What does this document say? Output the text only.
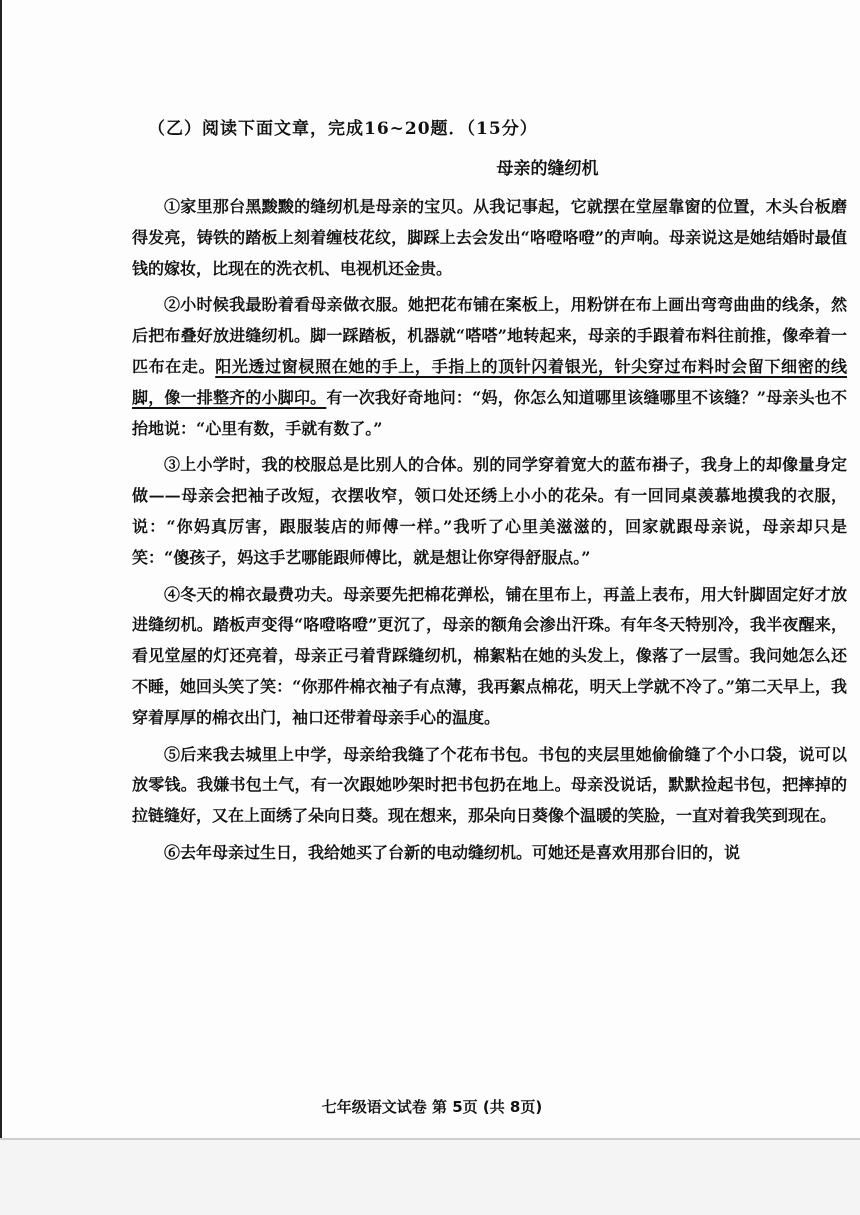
（乙）阅读下面文章，完成16~20题．（15分）
母亲的缝纫机

①家里那台黑黢黢的缝纫机是母亲的宝贝。从我记事起，它就摆在堂屋靠窗的位置，木头台板磨得发亮，铸铁的踏板上刻着缠枝花纹，脚踩上去会发出“咯噔咯噔”的声响。母亲说这是她结婚时最值钱的嫁妆，比现在的洗衣机、电视机还金贵。

②小时候我最盼着看母亲做衣服。她把花布铺在案板上，用粉饼在布上画出弯弯曲曲的线条，然后把布叠好放进缝纫机。脚一踩踏板，机器就“嗒嗒”地转起来，母亲的手跟着布料往前推，像牵着一匹布在走。阳光透过窗棂照在她的手上，手指上的顶针闪着银光，针尖穿过布料时会留下细密的线脚，像一排整齐的小脚印。有一次我好奇地问：“妈，你怎么知道哪里该缝哪里不该缝？”母亲头也不抬地说：“心里有数，手就有数了。”

③上小学时，我的校服总是比别人的合体。别的同学穿着宽大的蓝布褂子，我身上的却像量身定做——母亲会把袖子改短，衣摆收窄，领口处还绣上小小的花朵。有一回同桌羡慕地摸我的衣服，说：“你妈真厉害，跟服装店的师傅一样。”我听了心里美滋滋的，回家就跟母亲说，母亲却只是笑：“傻孩子，妈这手艺哪能跟师傅比，就是想让你穿得舒服点。”

④冬天的棉衣最费功夫。母亲要先把棉花弹松，铺在里布上，再盖上表布，用大针脚固定好才放进缝纫机。踏板声变得“咯噔咯噔”更沉了，母亲的额角会渗出汗珠。有年冬天特别冷，我半夜醒来，看见堂屋的灯还亮着，母亲正弓着背踩缝纫机，棉絮粘在她的头发上，像落了一层雪。我问她怎么还不睡，她回头笑了笑：“你那件棉衣袖子有点薄，我再絮点棉花，明天上学就不冷了。”第二天早上，我穿着厚厚的棉衣出门，袖口还带着母亲手心的温度。

⑤后来我去城里上中学，母亲给我缝了个花布书包。书包的夹层里她偷偷缝了个小口袋，说可以放零钱。我嫌书包土气，有一次跟她吵架时把书包扔在地上。母亲没说话，默默捡起书包，把摔掉的拉链缝好，又在上面绣了朵向日葵。现在想来，那朵向日葵像个温暖的笑脸，一直对着我笑到现在。

⑥去年母亲过生日，我给她买了台新的电动缝纫机。可她还是喜欢用那台旧的，说

七年级语文试卷 第 5页 (共 8页)
